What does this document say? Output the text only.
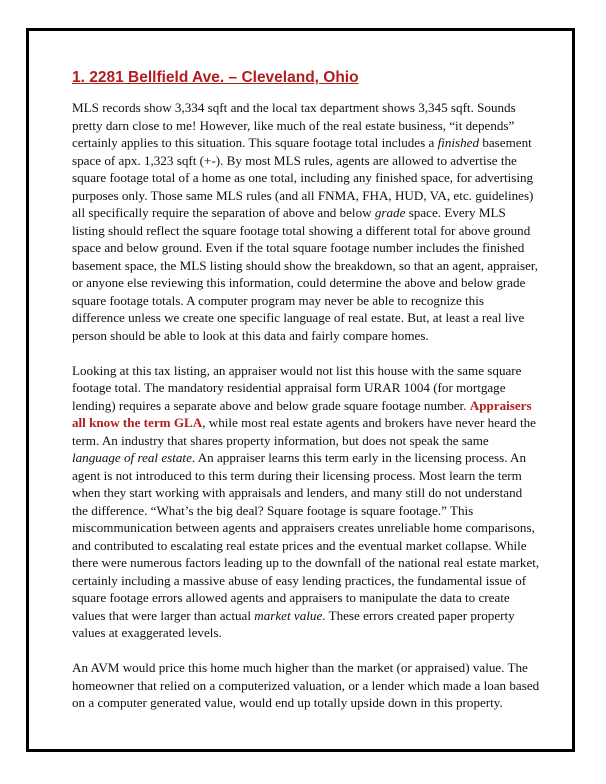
1. 2281 Bellfield Ave. – Cleveland, Ohio

MLS records show 3,334 sqft and the local tax department shows 3,345 sqft. Sounds pretty darn close to me! However, like much of the real estate business, “it depends” certainly applies to this situation. This square footage total includes a finished basement space of apx. 1,323 sqft (+-). By most MLS rules, agents are allowed to advertise the square footage total of a home as one total, including any finished space, for advertising purposes only. Those same MLS rules (and all FNMA, FHA, HUD, VA, etc. guidelines) all specifically require the separation of above and below grade space. Every MLS listing should reflect the square footage total showing a different total for above ground space and below ground. Even if the total square footage number includes the finished basement space, the MLS listing should show the breakdown, so that an agent, appraiser, or anyone else reviewing this information, could determine the above and below grade square footage totals. A computer program may never be able to recognize this difference unless we create one specific language of real estate. But, at least a real live person should be able to look at this data and fairly compare homes.

Looking at this tax listing, an appraiser would not list this house with the same square footage total. The mandatory residential appraisal form URAR 1004 (for mortgage lending) requires a separate above and below grade square footage number. Appraisers all know the term GLA, while most real estate agents and brokers have never heard the term. An industry that shares property information, but does not speak the same language of real estate. An appraiser learns this term early in the licensing process. An agent is not introduced to this term during their licensing process. Most learn the term when they start working with appraisals and lenders, and many still do not understand the difference. “What’s the big deal? Square footage is square footage.” This miscommunication between agents and appraisers creates unreliable home comparisons, and contributed to escalating real estate prices and the eventual market collapse. While there were numerous factors leading up to the downfall of the national real estate market, certainly including a massive abuse of easy lending practices, the fundamental issue of square footage errors allowed agents and appraisers to manipulate the data to create values that were larger than actual market value. These errors created paper property values at exaggerated levels.

An AVM would price this home much higher than the market (or appraised) value. The homeowner that relied on a computerized valuation, or a lender which made a loan based on a computer generated value, would end up totally upside down in this property.
